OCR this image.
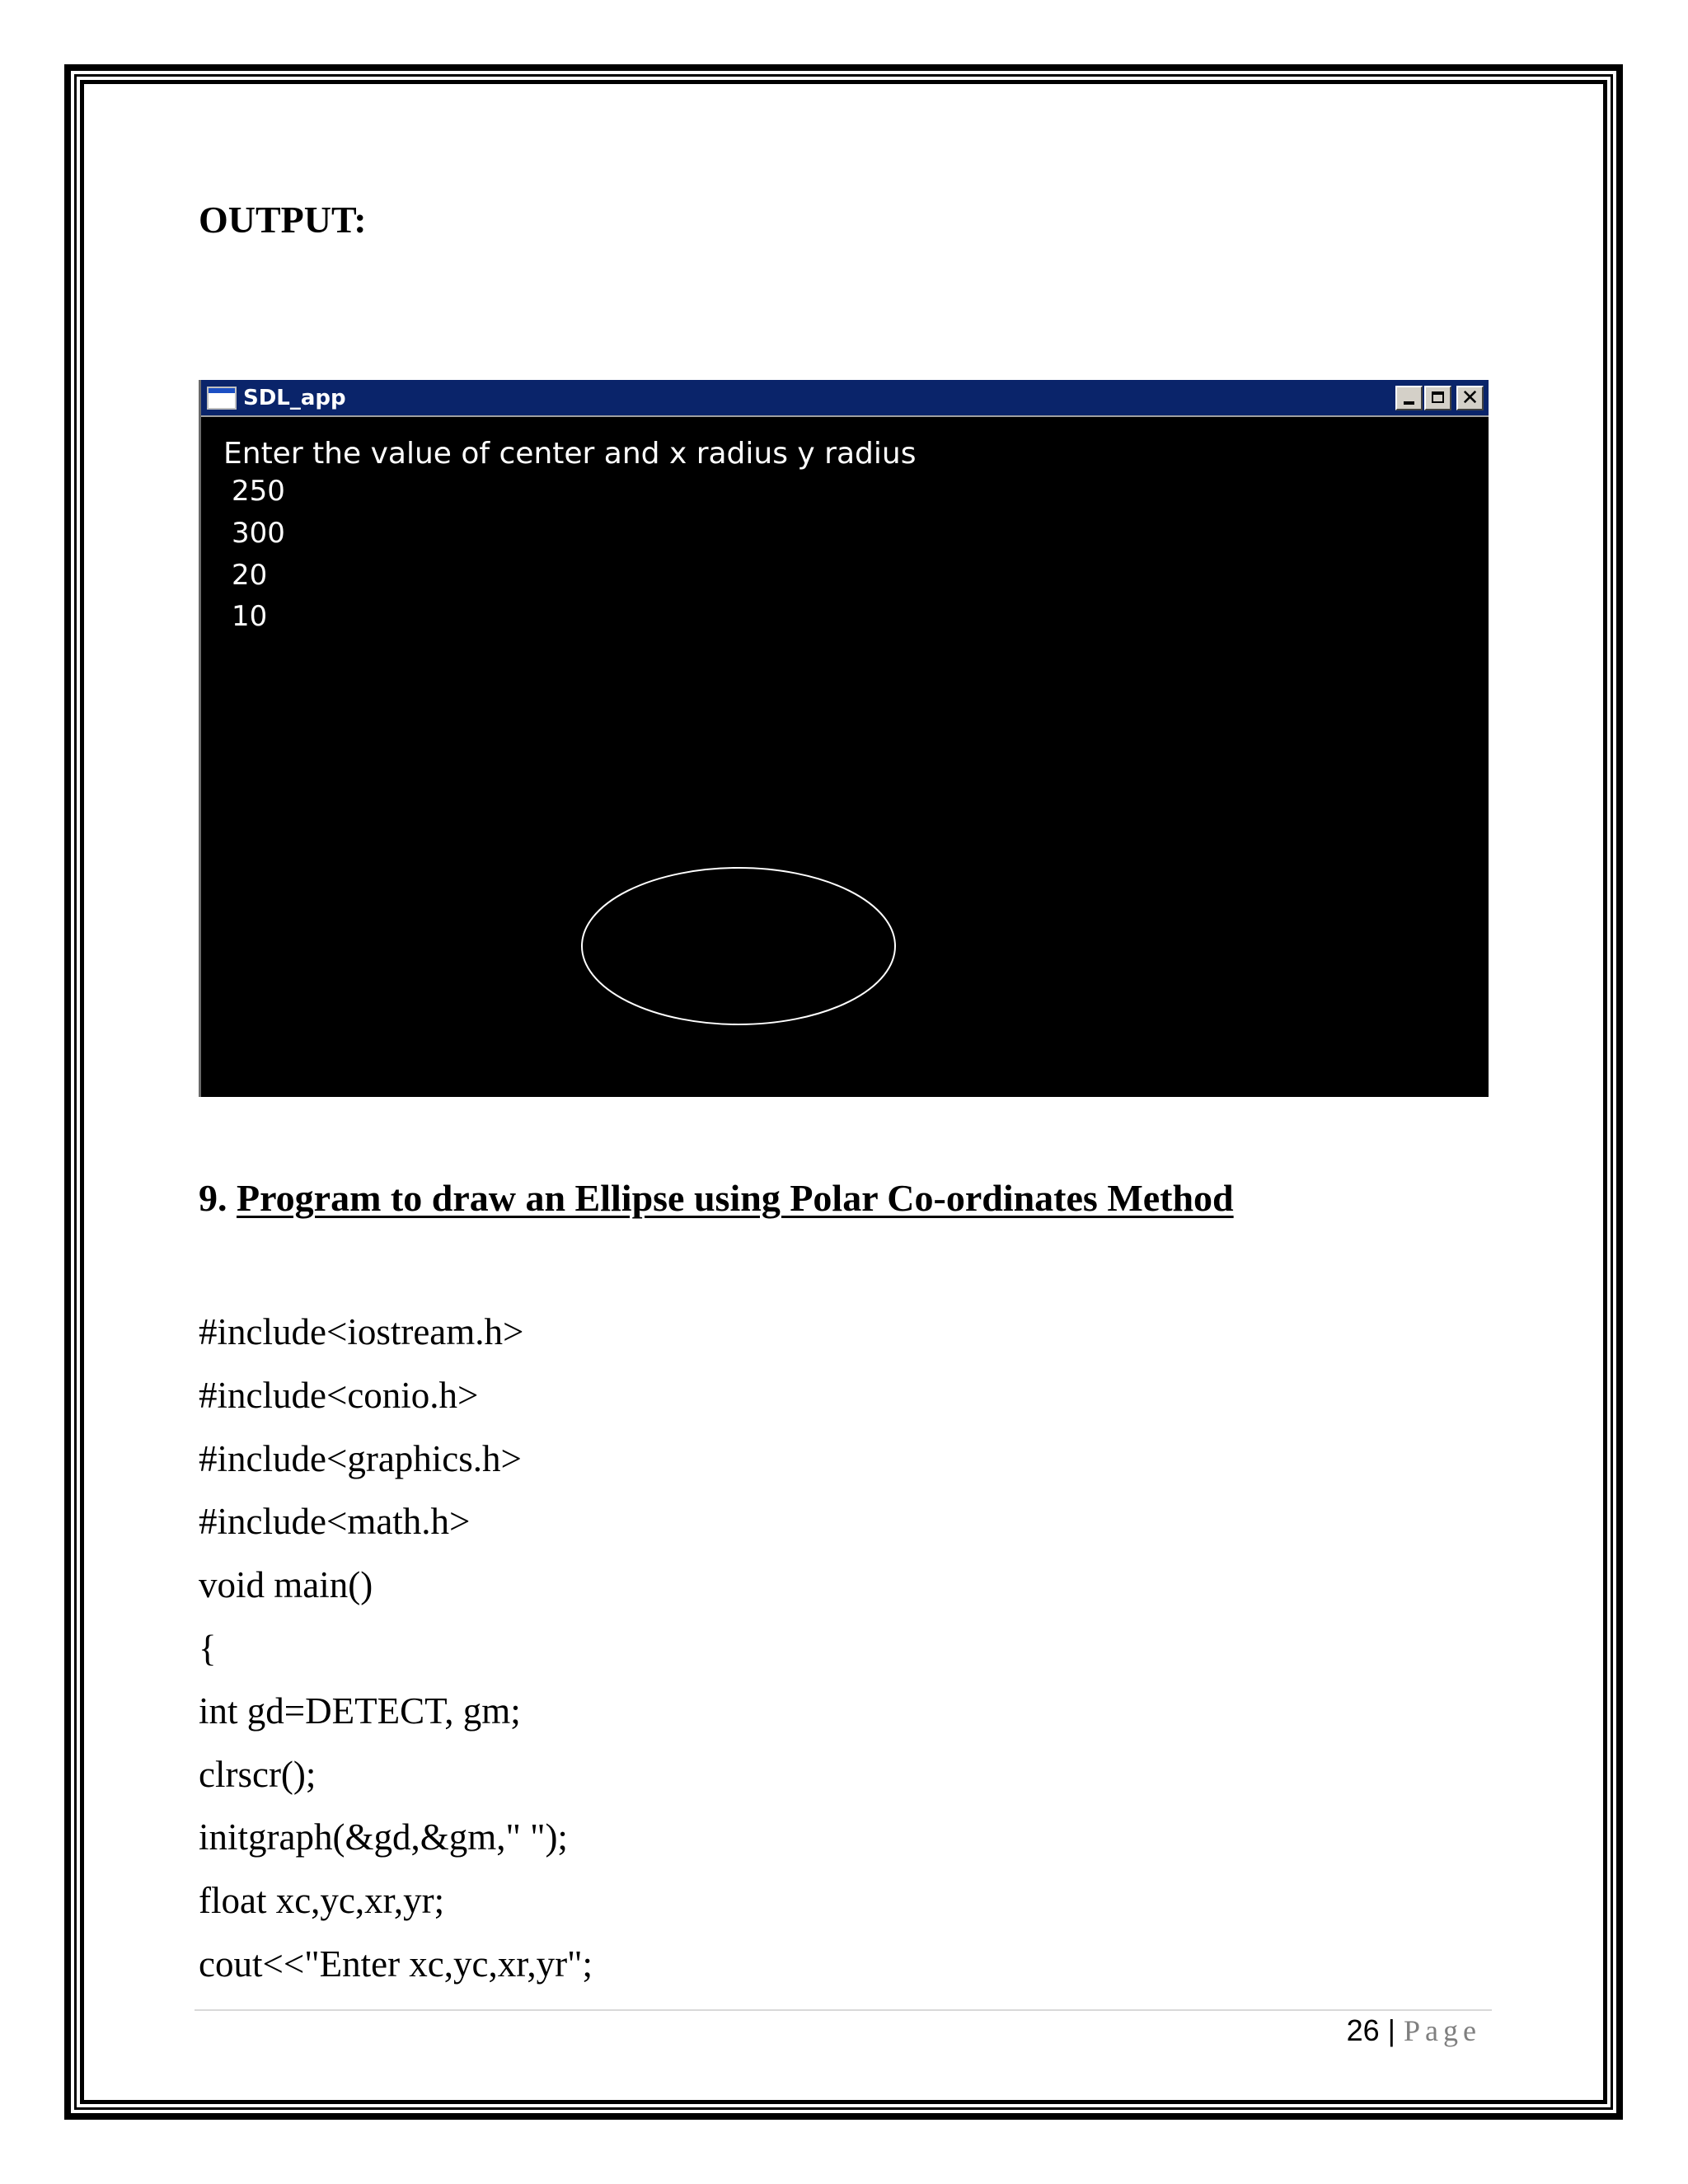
OUTPUT:
SDL_app	✕
Enter the value of center and x radius y radius
250
300
20
10
9. Program to draw an Ellipse using Polar Co-ordinates Method
#include<iostream.h>
#include<conio.h>
#include<graphics.h>
#include<math.h>
void main()
{
int gd=DETECT, gm;
clrscr();
initgraph(&gd,&gm," ");
float xc,yc,xr,yr;
cout<<"Enter xc,yc,xr,yr";
26 | Page
